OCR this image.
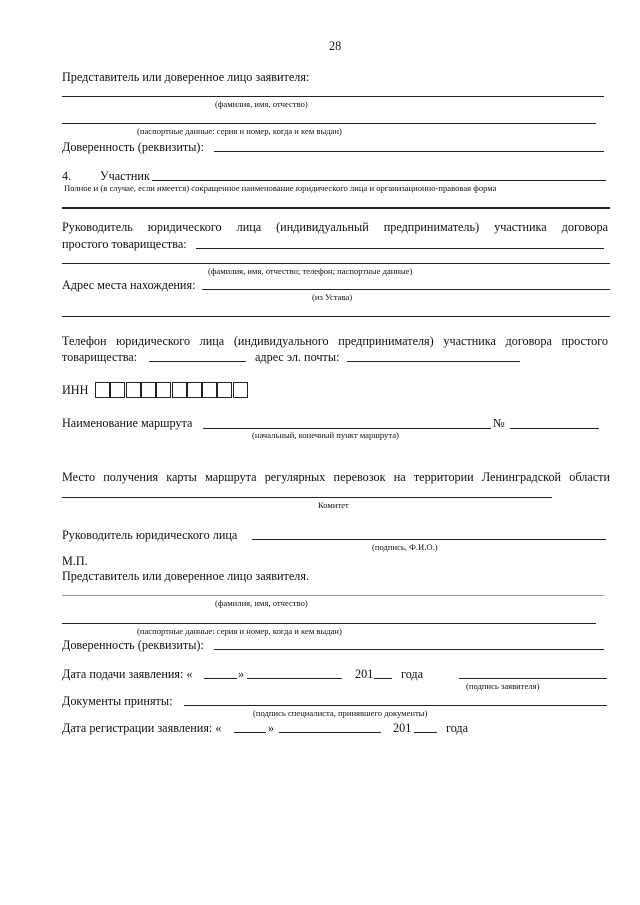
28
Представитель или доверенное лицо заявителя:
(фамилия, имя, отчество)
(паспортные данные: серия и номер, когда и кем выдан)
Доверенность (реквизиты):
4. Участник
Полное и (в случае, если имеется) сокращенное наименование юридического лица и организационно-правовая форма
Руководитель юридического лица (индивидуальный предприниматель) участника договора
простого товарищества:
(фамилия, имя, отчество; телефон; паспортные данные)
Адрес места нахождения:
(из Устава)
Телефон юридического лица (индивидуального предпринимателя) участника договора простого
товарищества:	адрес эл. почты:
ИНН
Наименование маршрута	№
(начальный, конечный пункт маршрута)
Место получения карты маршрута регулярных перевозок на территории Ленинградской области
Комитет
Руководитель юридического лица
(подпись, Ф.И.О.)
М.П.
Представитель или доверенное лицо заявителя.
(фамилия, имя, отчество)
(паспортные данные: серия и номер, когда и кем выдан)
Доверенность (реквизиты):
Дата подачи заявления: «	»	201 года
(подпись заявителя)
Документы приняты:
(подпись специалиста, принявшего документы)
Дата регистрации заявления: «	»	201	года
